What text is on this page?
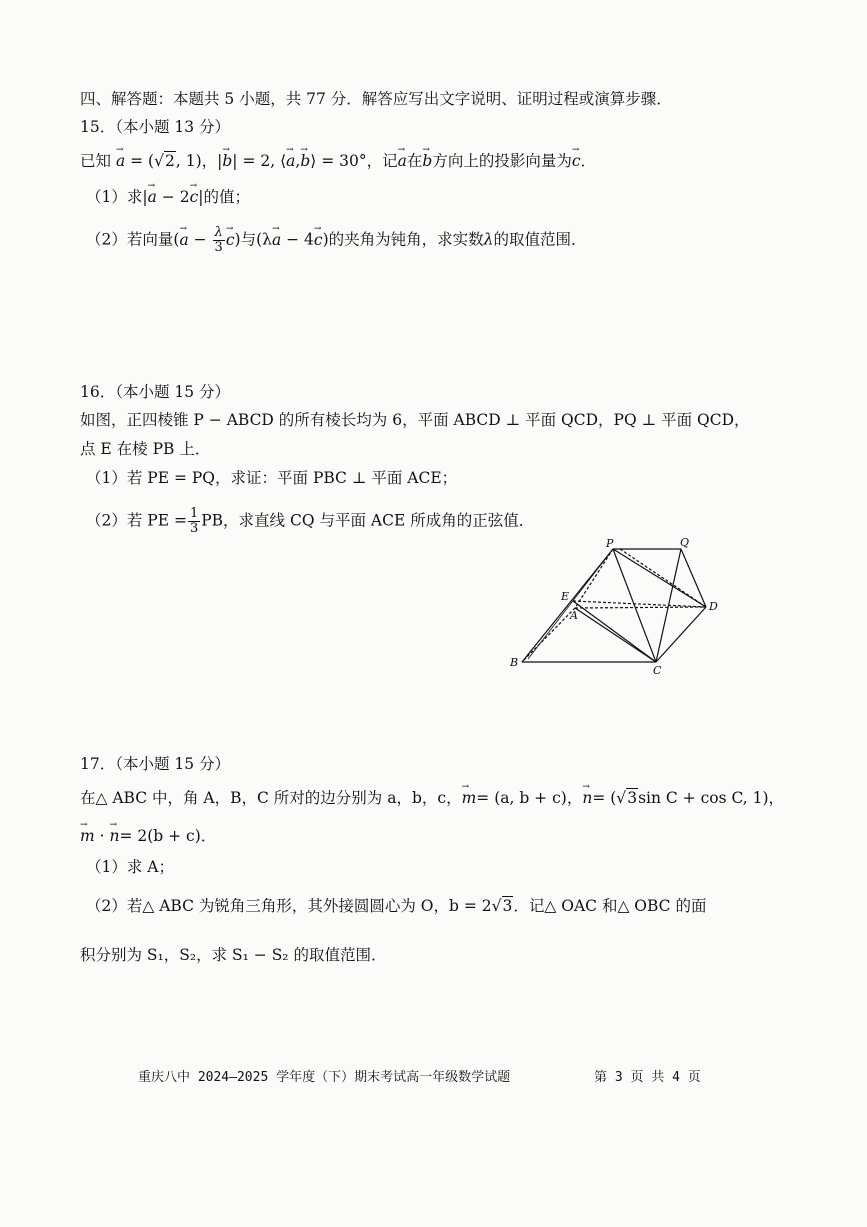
四、解答题：本题共 5 小题，共 77 分．解答应写出文字说明、证明过程或演算步骤．
15．（本小题 13 分）
已知 → a = (√2, 1)，|→ b| = 2, ⟨→ a,→ b⟩ = 30°，记→ a在→ b方向上的投影向量为→ c．
（1）求|→ a − 2→ c|的值；
（2）若向量(→ $a - \frac{\lambda}{3}$
→ c)与(λ→ a − 4→ c)的夹角为钝角，求实数λ的取值范围．
16．（本小题 15 分）
如图，正四棱锥 P − ABCD 的所有棱长均为 6，平面 ABCD ⊥ 平面 QCD，PQ ⊥ 平面 QCD，
点 E 在棱 PB 上．
（1）若 PE = PQ，求证：平面 PBC ⊥ 平面 ACE；
（2）若 PE = $\frac{1}{3}$ PB，求直线 CQ 与平面 ACE 所成角的正弦值．
P	Q
E
A
D
B
C
17．（本小题 15 分）
在△ ABC 中，角 A，B，C 所对的边分别为 a，b，c，→ m= (a, b + c)，→ n= (√3sin C + cos C, 1)，
→ m · → n= 2(b + c)．
（1）求 A；
（2）若△ ABC 为锐角三角形，其外接圆圆心为 O，b = 2√3．记△ OAC 和△ OBC 的面
积分别为 S₁，S₂，求 S₁ − S₂ 的取值范围．
重庆八中 2024—2025 学年度（下）期末考试高一年级数学试题	第 3 页 共 4 页
